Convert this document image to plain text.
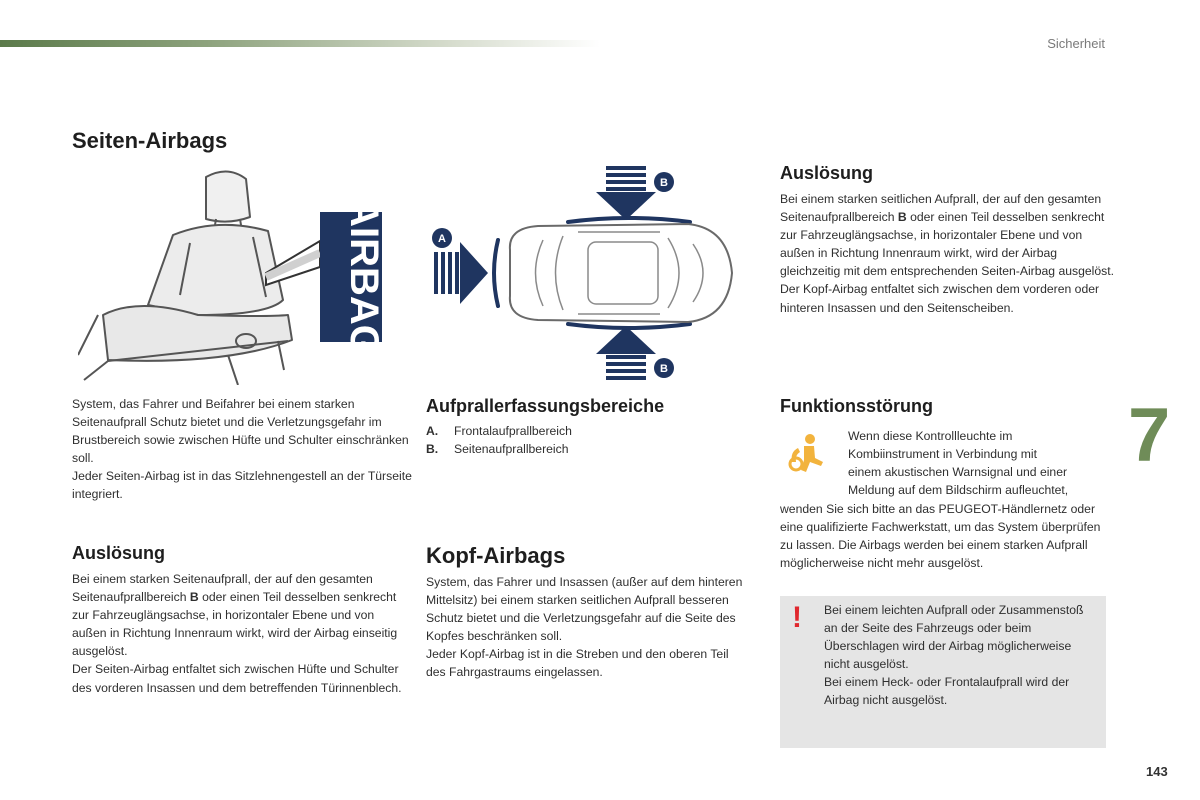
Sicherheit
7
143
Seiten-Airbags
AIRBAG

System, das Fahrer und Beifahrer bei einem starken Seitenaufprall Schutz bietet und die Verletzungsgefahr im Brustbereich sowie zwischen Hüfte und Schulter einschränken soll.

Jeder Seiten-Airbag ist in das Sitzlehnengestell an der Türseite integriert.

Auslösung

Bei einem starken Seitenaufprall, der auf den gesamten Seitenaufprallbereich B oder einen Teil desselben senkrecht zur Fahrzeuglängsachse, in horizontaler Ebene und von außen in Richtung Innenraum wirkt, wird der Airbag einseitig ausgelöst.

Der Seiten-Airbag entfaltet sich zwischen Hüfte und Schulter des vorderen Insassen und dem betreffenden Türinnenblech.

A
B
B
Aufprallerfassungsbereiche
A.	Frontalaufprallbereich
B.	Seitenaufprallbereich
Kopf-Airbags

System, das Fahrer und Insassen (außer auf dem hinteren Mittelsitz) bei einem starken seitlichen Aufprall besseren Schutz bietet und die Verletzungsgefahr auf die Seite des Kopfes beschränken soll.

Jeder Kopf-Airbag ist in die Streben und den oberen Teil des Fahrgastraums eingelassen.

Auslösung

Bei einem starken seitlichen Aufprall, der auf den gesamten Seitenaufprallbereich B oder einen Teil desselben senkrecht zur Fahrzeuglängsachse, in horizontaler Ebene und von außen in Richtung Innenraum wirkt, wird der Airbag gleichzeitig mit dem entsprechenden Seiten-Airbag ausgelöst.

Der Kopf-Airbag entfaltet sich zwischen dem vorderen oder hinteren Insassen und den Seitenscheiben.

Funktionsstörung

Wenn diese Kontrollleuchte im

Kombiinstrument in Verbindung mit

einem akustischen Warnsignal und einer

Meldung auf dem Bildschirm aufleuchtet,

wenden Sie sich bitte an das PEUGEOT-Händlernetz oder eine qualifizierte Fachwerkstatt, um das System überprüfen zu lassen. Die Airbags werden bei einem starken Aufprall möglicherweise nicht mehr ausgelöst.
! Bei einem leichten Aufprall oder Zusammenstoß an der Seite des Fahrzeugs oder beim Überschlagen wird der Airbag möglicherweise nicht ausgelöst.

Bei einem Heck- oder Frontalaufprall wird der Airbag nicht ausgelöst.
